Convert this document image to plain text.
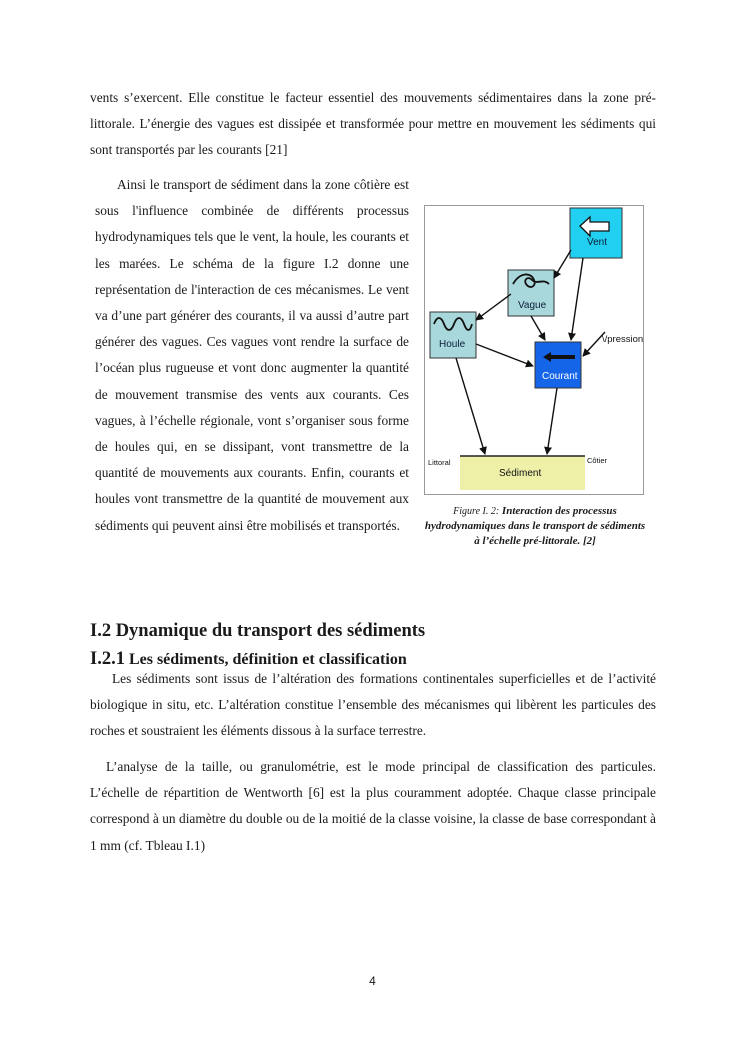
vents s’exercent. Elle constitue le facteur essentiel des mouvements sédimentaires dans la zone pré-littorale. L’énergie des vagues est dissipée et transformée pour mettre en mouvement les sédiments qui sont transportés par les courants [21]

Ainsi le transport de sédiment dans la zone côtière est sous l'influence combinée de différents processus hydrodynamiques tels que le vent, la houle, les courants et les marées. Le schéma de la figure I.2 donne une représentation de l'interaction de ces mécanismes. Le vent va d’une part générer des courants, il va aussi d’autre part générer des vagues. Ces vagues vont rendre la surface de l’océan plus rugueuse et vont donc augmenter la quantité de mouvement transmise des vents aux courants. Ces vagues, à l’échelle régionale, vont s’organiser sous forme de houles qui, en se dissipant, vont transmettre de la quantité de mouvements aux courants. Enfin, courants et houles vont transmettre de la quantité de mouvement aux sédiments qui peuvent ainsi être mobilisés et transportés.

Vent
Vague
Houle
Courant
\/pression
Sédiment
Littoral	Côtier

Figure I. 2: Interaction des processus hydrodynamiques dans le transport de sédiments à l’échelle pré-littorale. [2]

I.2 Dynamique du transport des sédiments
I.2.1 Les sédiments, définition et classification

Les sédiments sont issus de l’altération des formations continentales superficielles et de l’activité biologique in situ, etc. L’altération constitue l’ensemble des mécanismes qui libèrent les particules des roches et soustraient les éléments dissous à la surface terrestre.

L’analyse de la taille, ou granulométrie, est le mode principal de classification des particules. L’échelle de répartition de Wentworth [6] est la plus couramment adoptée. Chaque classe principale correspond à un diamètre du double ou de la moitié de la classe voisine, la classe de base correspondant à 1 mm (cf. Tbleau I.1)

4
